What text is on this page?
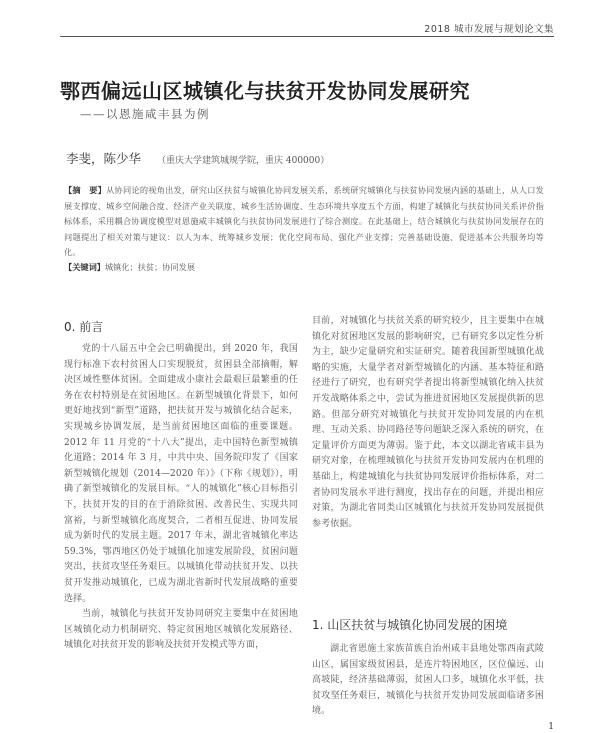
2018 城市发展与规划论文集
鄂西偏远山区城镇化与扶贫开发协同发展研究
——以恩施咸丰县为例
李斐，陈少华 （重庆大学建筑城规学院，重庆 400000）
【摘　要】从协同论的视角出发，研究山区扶贫与城镇化协同发展关系，系统研究城镇化与扶贫协同发展内涵的基础上，从人口发展支撑度、城乡空间融合度、经济产业关联度、城乡生活协调度、生态环境共享度五个方面，构建了城镇化与扶贫协同关系评价指标体系，采用耦合协调度模型对恩施咸丰城镇化与扶贫协同发展进行了综合测度。在此基础上，结合城镇化与扶贫协同发展存在的问题提出了相关对策与建议：以人为本、统筹城乡发展；优化空间布局、强化产业支撑；完善基础设施、促进基本公共服务均等化。
【关键词】城镇化；扶贫；协同发展
0. 前言

党的十八届五中全会已明确提出，到 2020 年，我国现行标准下农村贫困人口实现脱贫，贫困县全部摘帽，解决区域性整体贫困。全面建成小康社会最艰巨最繁重的任务在农村特别是在贫困地区。在新型城镇化背景下，如何更好地找到“新型”道路，把扶贫开发与城镇化结合起来，实现城乡协调发展，是当前贫困地区面临的重要课题。2012 年 11 月党的“十八大”提出，走中国特色新型城镇化道路；2014 年 3 月，中共中央、国务院印发了《国家新型城镇化规划（2014—2020 年）》（下称《规划》），明确了新型城镇化的发展目标。“人的城镇化”核心目标指引下，扶贫开发的目的在于消除贫困、改善民生、实现共同富裕，与新型城镇化高度契合，二者相互促进、协同发展成为新时代的发展主题。2017 年末，湖北省城镇化率达 59.3%，鄂西地区仍处于城镇化加速发展阶段，贫困问题突出，扶贫攻坚任务艰巨。以城镇化带动扶贫开发、以扶贫开发推动城镇化，已成为湖北省新时代发展战略的重要选择。

当前，城镇化与扶贫开发协同研究主要集中在贫困地区城镇化动力机制研究、特定贫困地区城镇化发展路径、城镇化对扶贫开发的影响及扶贫开发模式等方面，

目前，对城镇化与扶贫关系的研究较少，且主要集中在城镇化对贫困地区发展的影响研究，已有研究多以定性分析为主，缺少定量研究和实证研究。随着我国新型城镇化战略的实施，大量学者对新型城镇化的内涵、基本特征和路径进行了研究，也有研究学者提出将新型城镇化纳入扶贫开发战略体系之中，尝试为推进贫困地区发展提供新的思路。但部分研究对城镇化与扶贫开发协同发展的内在机理、互动关系、协同路径等问题缺乏深入系统的研究，在定量评价方面更为薄弱。鉴于此，本文以湖北省咸丰县为研究对象，在梳理城镇化与扶贫开发协同发展内在机理的基础上，构建城镇化与扶贫协同发展评价指标体系，对二者协同发展水平进行测度，找出存在的问题，并提出相应对策，为湖北省同类山区城镇化与扶贫开发协同发展提供参考依据。

1. 山区扶贫与城镇化协同发展的困境

湖北省恩施土家族苗族自治州咸丰县地处鄂西南武陵山区，属国家级贫困县，是连片特困地区，区位偏远、山高坡陡，经济基础薄弱，贫困人口多，城镇化水平低，扶贫攻坚任务艰巨，城镇化与扶贫开发协同发展面临诸多困境。

1
